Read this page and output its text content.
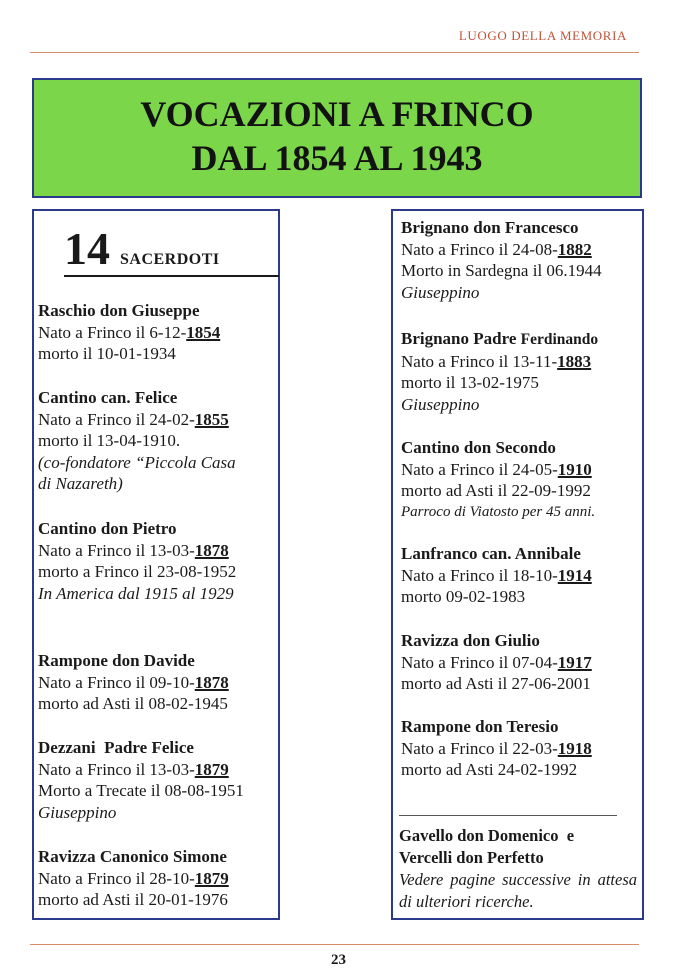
LUOGO DELLA MEMORIA
VOCAZIONI A FRINCO
DAL 1854 AL 1943
14 SACERDOTI
Raschio don Giuseppe
Nato a Frinco il 6-12-1854
morto il 10-01-1934
Cantino can. Felice
Nato a Frinco il 24-02-1855
morto il 13-04-1910.
(co-fondatore “Piccola Casa
di Nazareth)
Cantino don Pietro
Nato a Frinco il 13-03-1878
morto a Frinco il 23-08-1952
In America dal 1915 al 1929
Rampone don Davide
Nato a Frinco il 09-10-1878
morto ad Asti il 08-02-1945
Dezzani  Padre Felice
Nato a Frinco il 13-03-1879
Morto a Trecate il 08-08-1951
Giuseppino
Ravizza Canonico Simone
Nato a Frinco il 28-10-1879
morto ad Asti il 20-01-1976
Brignano don Francesco
Nato a Frinco il 24-08-1882
Morto in Sardegna il 06.1944
Giuseppino
Brignano Padre Ferdinando
Nato a Frinco il 13-11-1883
morto il 13-02-1975
Giuseppino
Cantino don Secondo
Nato a Frinco il 24-05-1910
morto ad Asti il 22-09-1992
Parroco di Viatosto per 45 anni.
Lanfranco can. Annibale
Nato a Frinco il 18-10-1914
morto 09-02-1983
Ravizza don Giulio
Nato a Frinco il 07-04-1917
morto ad Asti il 27-06-2001
Rampone don Teresio
Nato a Frinco il 22-03-1918
morto ad Asti 24-02-1992
Gavello don Domenico  e
Vercelli don Perfetto
Vedere pagine successive in attesa di ulteriori ricerche.
23
